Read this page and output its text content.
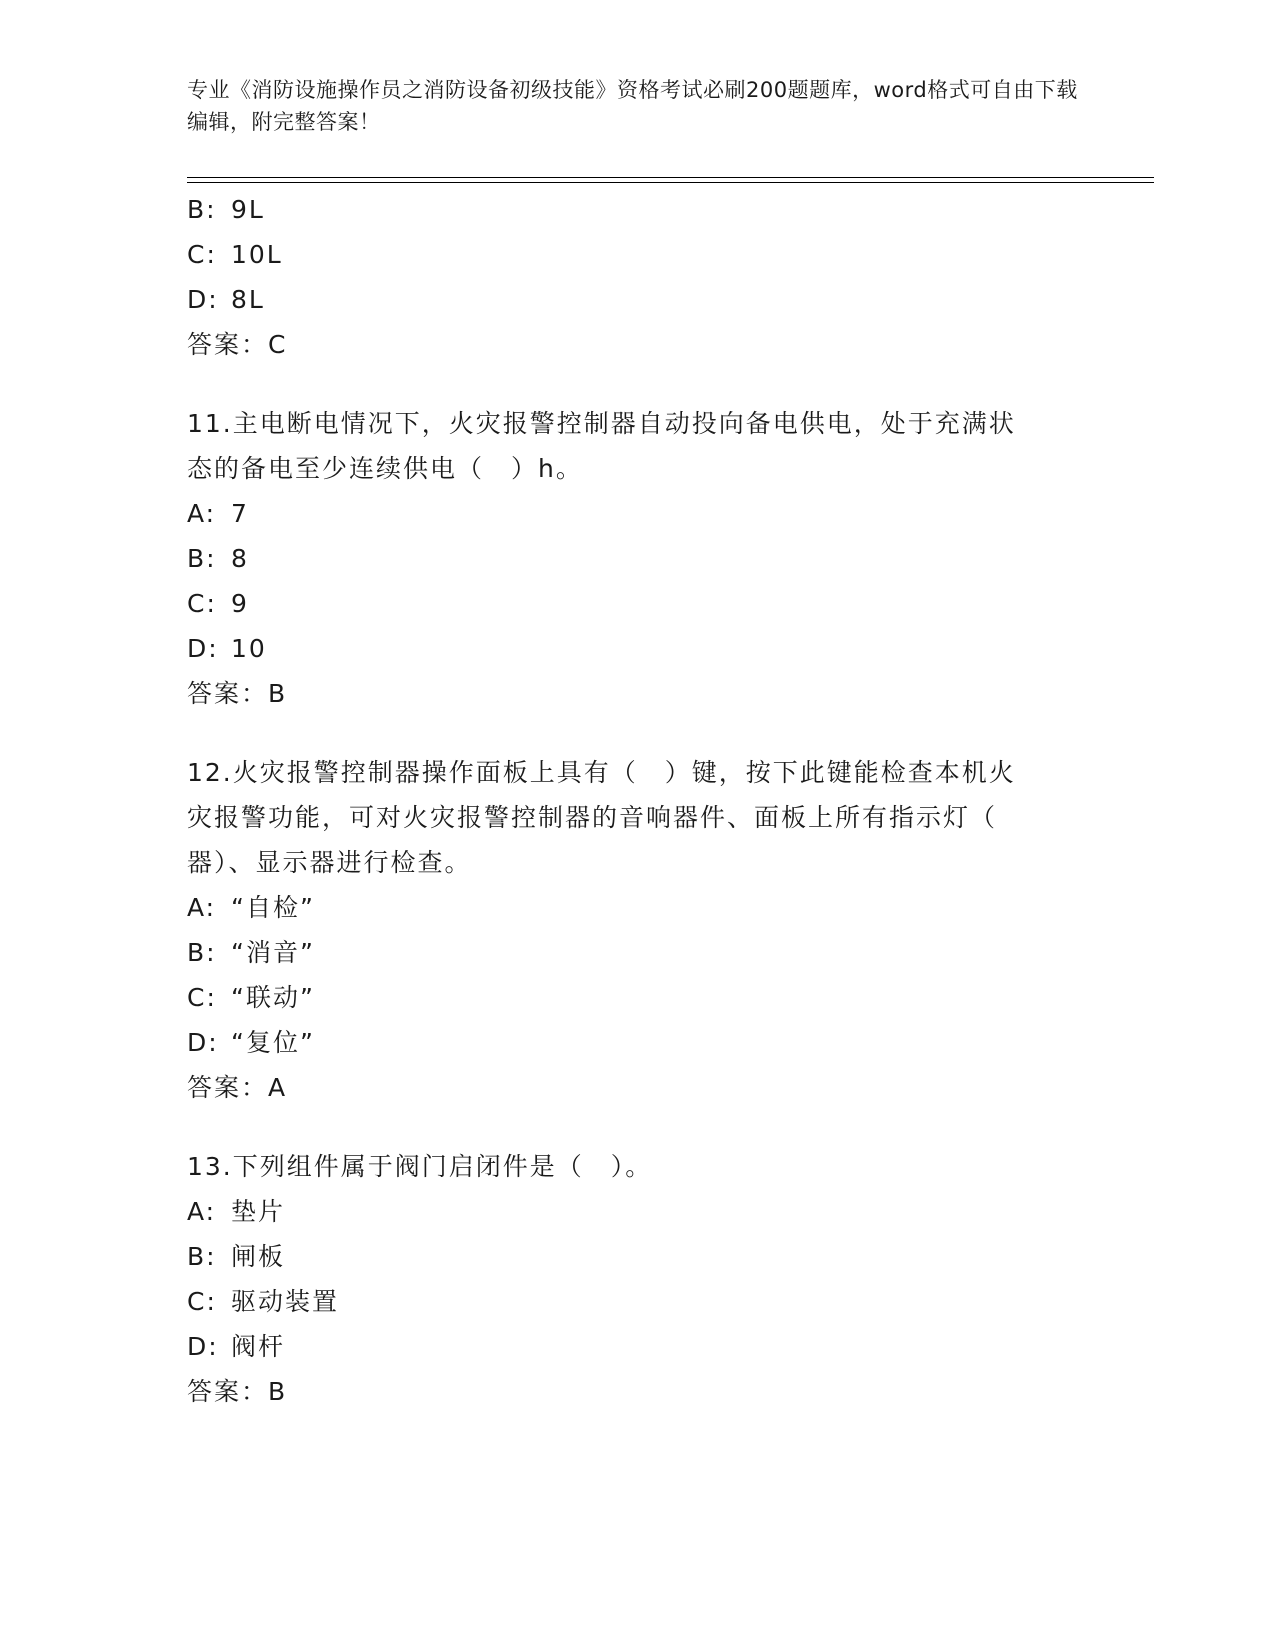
专业《消防设施操作员之消防设备初级技能》资格考试必刷200题题库，word格式可自由下载编辑，附完整答案！
B: 9L
C: 10L
D: 8L
答案：C
11.主电断电情况下，火灾报警控制器自动投向备电供电，处于充满状
态的备电至少连续供电（　）h。
A: 7
B: 8
C: 9
D: 10
答案：B
12.火灾报警控制器操作面板上具有（　）键，按下此键能检查本机火
灾报警功能，可对火灾报警控制器的音响器件、面板上所有指示灯（
器）、显示器进行检查。
A: “自检”
B: “消音”
C: “联动”
D: “复位”
答案：A
13.下列组件属于阀门启闭件是（　）。
A: 垫片
B: 闸板
C: 驱动装置
D: 阀杆
答案：B
